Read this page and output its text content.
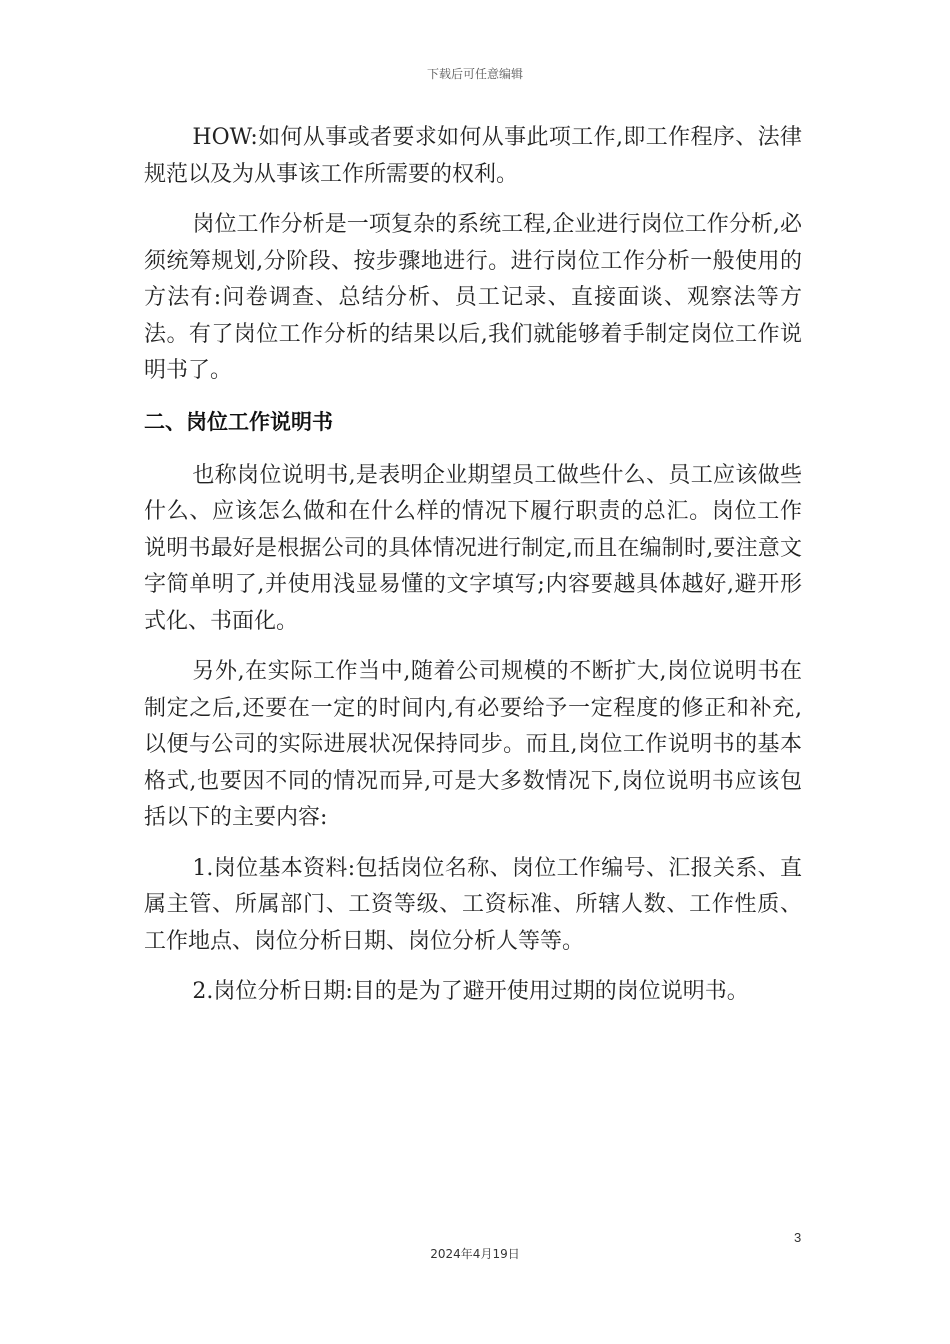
下载后可任意编辑

HOW:如何从事或者要求如何从事此项工作,即工作程序、法律规范以及为从事该工作所需要的权利。

岗位工作分析是一项复杂的系统工程,企业进行岗位工作分析,必须统筹规划,分阶段、按步骤地进行。进行岗位工作分析一般使用的方法有:问卷调查、总结分析、员工记录、直接面谈、观察法等方法。有了岗位工作分析的结果以后,我们就能够着手制定岗位工作说明书了。

二、岗位工作说明书

也称岗位说明书,是表明企业期望员工做些什么、员工应该做些什么、应该怎么做和在什么样的情况下履行职责的总汇。岗位工作说明书最好是根据公司的具体情况进行制定,而且在编制时,要注意文字简单明了,并使用浅显易懂的文字填写;内容要越具体越好,避开形式化、书面化。

另外,在实际工作当中,随着公司规模的不断扩大,岗位说明书在制定之后,还要在一定的时间内,有必要给予一定程度的修正和补充,以便与公司的实际进展状况保持同步。而且,岗位工作说明书的基本格式,也要因不同的情况而异,可是大多数情况下,岗位说明书应该包括以下的主要内容:

1.岗位基本资料:包括岗位名称、岗位工作编号、汇报关系、直属主管、所属部门、工资等级、工资标准、所辖人数、工作性质、工作地点、岗位分析日期、岗位分析人等等。

2.岗位分析日期:目的是为了避开使用过期的岗位说明书。

3
2024年4月19日
